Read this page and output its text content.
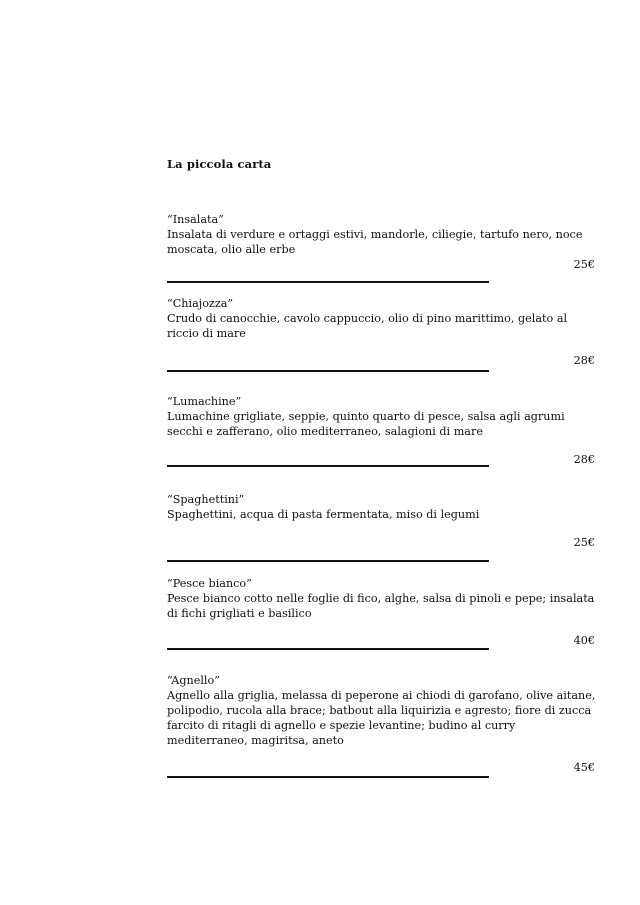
La piccola carta
“Insalata”
Insalata di verdure e ortaggi estivi, mandorle, ciliegie, tartufo nero, noce moscata, olio alle erbe
25€
“Chiajozza”
Crudo di canocchie, cavolo cappuccio, olio di pino marittimo, gelato al riccio di mare
28€
“Lumachine”
Lumachine grigliate, seppie, quinto quarto di pesce, salsa agli agrumi secchi e zafferano, olio mediterraneo, salagioni di mare
28€
“Spaghettini”
Spaghettini, acqua di pasta fermentata, miso di legumi
25€
“Pesce bianco”
Pesce bianco cotto nelle foglie di fico, alghe, salsa di pinoli e pepe; insalata di fichi grigliati e basilico
40€
“Agnello”
Agnello alla griglia, melassa di peperone ai chiodi di garofano, olive aitane, polipodio, rucola alla brace; batbout alla liquirizia e agresto; fiore di zucca farcito di ritagli di agnello e spezie levantine; budino al curry mediterraneo, magiritsa, aneto
45€
